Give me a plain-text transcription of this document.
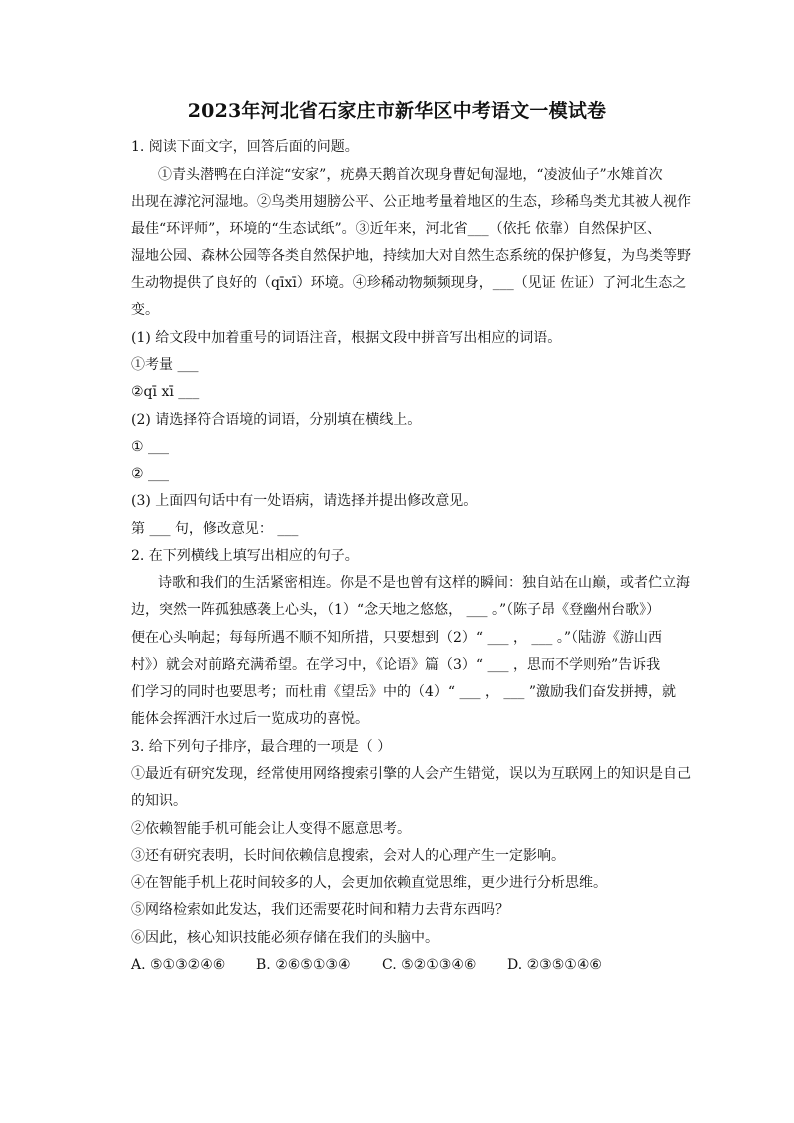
2023年河北省石家庄市新华区中考语文一模试卷
1. 阅读下面文字，回答后面的问题。
①青头潜鸭在白洋淀“安家”，疣鼻天鹅首次现身曹妃甸湿地，“凌波仙子”水雉首次
出现在滹沱河湿地。②鸟类用翅膀公平、公正地考量着地区的生态，珍稀鸟类尤其被人视作
最佳“环评师”，环境的“生态试纸”。③近年来，河北省___（依托 依靠）自然保护区、
湿地公园、森林公园等各类自然保护地，持续加大对自然生态系统的保护修复，为鸟类等野
生动物提供了良好的（qīxī）环境。④珍稀动物频频现身，___（见证 佐证）了河北生态之
变。
(1) 给文段中加着重号的词语注音，根据文段中拼音写出相应的词语。
①考量 ___
②qī xī ___
(2) 请选择符合语境的词语，分别填在横线上。
① ___
② ___
(3) 上面四句话中有一处语病，请选择并提出修改意见。
第 ___ 句，修改意见： ___
2. 在下列横线上填写出相应的句子。
诗歌和我们的生活紧密相连。你是不是也曾有这样的瞬间：独自站在山巅，或者伫立海
边，突然一阵孤独感袭上心头，（1）“念天地之悠悠， ___ 。”（陈子昂《登幽州台歌》）
便在心头响起；每每所遇不顺不知所措，只要想到（2）“ ___ ， ___ 。”（陆游《游山西
村》）就会对前路充满希望。在学习中，《论语》篇（3）“ ___ ，思而不学则殆”告诉我
们学习的同时也要思考；而杜甫《望岳》中的（4）“ ___ ， ___ ”激励我们奋发拼搏，就
能体会挥洒汗水过后一览成功的喜悦。
3. 给下列句子排序，最合理的一项是（ ）
①最近有研究发现，经常使用网络搜索引擎的人会产生错觉，误以为互联网上的知识是自己
的知识。
②依赖智能手机可能会让人变得不愿意思考。
③还有研究表明，长时间依赖信息搜索，会对人的心理产生一定影响。
④在智能手机上花时间较多的人，会更加依赖直觉思维，更少进行分析思维。
⑤网络检索如此发达，我们还需要花时间和精力去背东西吗？
⑥因此，核心知识技能必须存储在我们的头脑中。
A. ⑤①③②④⑥ B. ②⑥⑤①③④ C. ⑤②①③④⑥ D. ②③⑤①④⑥
